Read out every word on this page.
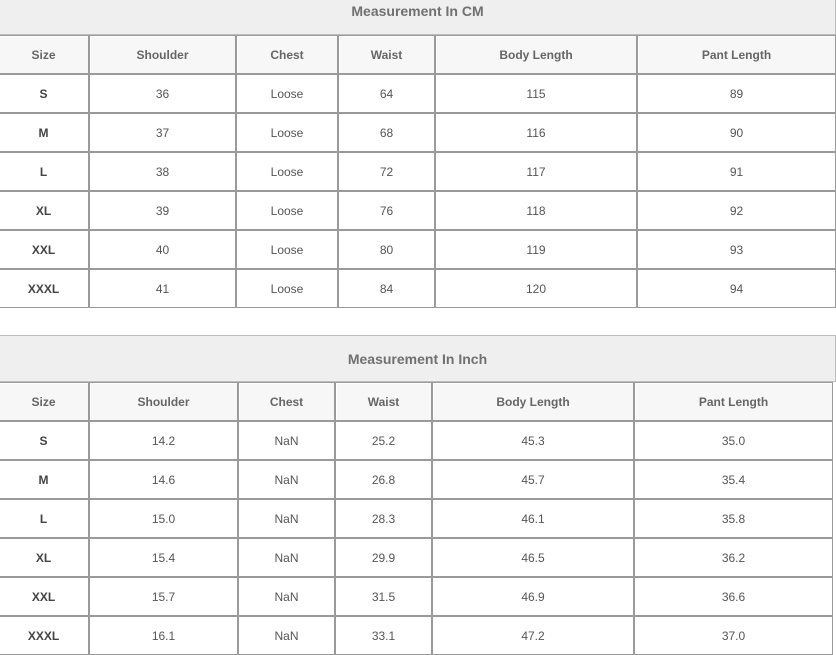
Measurement In CM
Size	Shoulder	Chest	Waist	Body Length	Pant Length
S	36	Loose	64	115	89
M	37	Loose	68	116	90
L	38	Loose	72	117	91
XL	39	Loose	76	118	92
XXL	40	Loose	80	119	93
XXXL	41	Loose	84	120	94
Measurement In Inch
Size	Shoulder	Chest	Waist	Body Length	Pant Length
S	14.2	NaN	25.2	45.3	35.0
M	14.6	NaN	26.8	45.7	35.4
L	15.0	NaN	28.3	46.1	35.8
XL	15.4	NaN	29.9	46.5	36.2
XXL	15.7	NaN	31.5	46.9	36.6
XXXL	16.1	NaN	33.1	47.2	37.0
